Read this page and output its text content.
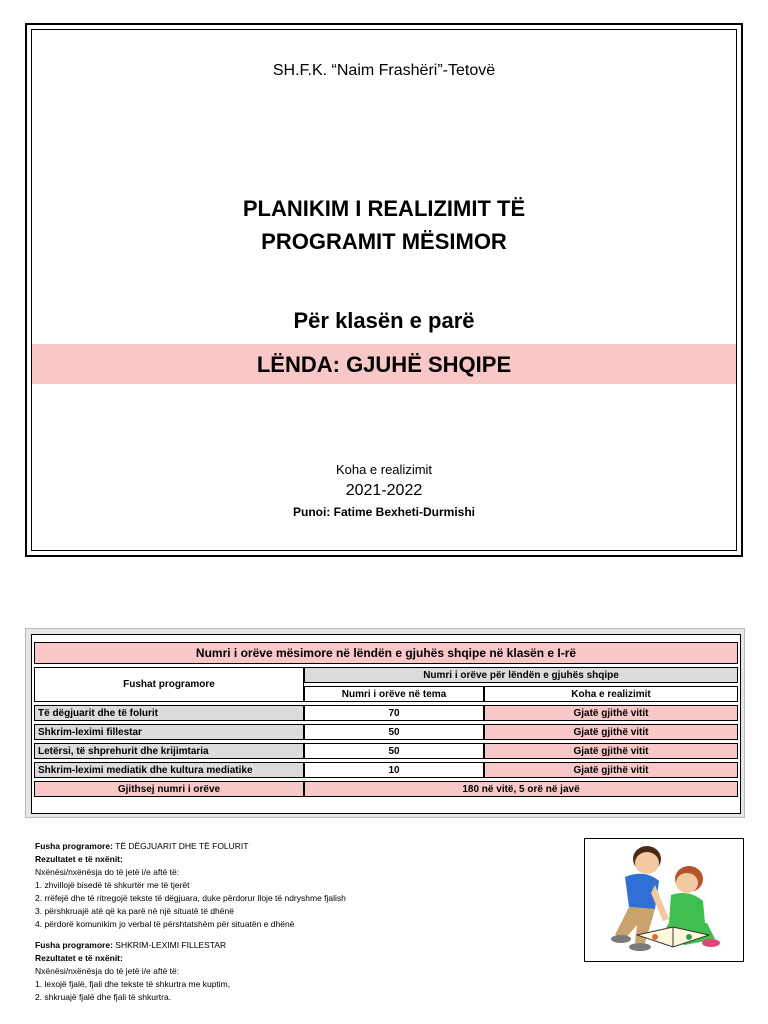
SH.F.K. “Naim Frashëri”-Tetovë
PLANIKIM I REALIZIMIT TË
PROGRAMIT MËSIMOR
Për klasën e parë
LËNDA: GJUHË SHQIPE
Koha e realizimit
2021-2022
Punoi: Fatime Bexheti-Durmishi
Numri i orëve mësimore në lëndën e gjuhës shqipe në klasën e I-rë		
Fushat programore	Numri i orëve për lëndën e gjuhës shqipe	
	Numri i orëve në tema	Koha e realizimit
Të dëgjuarit dhe të folurit	70	Gjatë gjithë vitit
Shkrim-leximi fillestar	50	Gjatë gjithë vitit
Letërsi, të shprehurit dhe krijimtaria	50	Gjatë gjithë vitit
Shkrim-leximi mediatik dhe kultura mediatike	10	Gjatë gjithë vitit
Gjithsej numri i orëve	180 në vitë, 5 orë në javë	

Fusha programore: TË DËGJUARIT DHE TË FOLURIT

Rezultatet e të nxënit:

Nxënësi/nxënësja do të jetë i/e aftë të:

1. zhvillojë bisedë të shkurtër me të tjerët

2. rrëfejë dhe të ritregojë tekste të dëgjuara, duke përdorur lloje të ndryshme fjalish

3. përshkruajë atë që ka parë në një situatë të dhënë

4. përdorë komunikim jo verbal të përshtatshëm për situatën e dhënë

Fusha programore: SHKRIM-LEXIMI FILLESTAR

Rezultatet e të nxënit:

Nxënësi/nxënësja do të jetë i/e aftë të:

1. lexojë fjalë, fjali dhe tekste të shkurtra me kuptim,

2. shkruajë fjalë dhe fjali të shkurtra.
